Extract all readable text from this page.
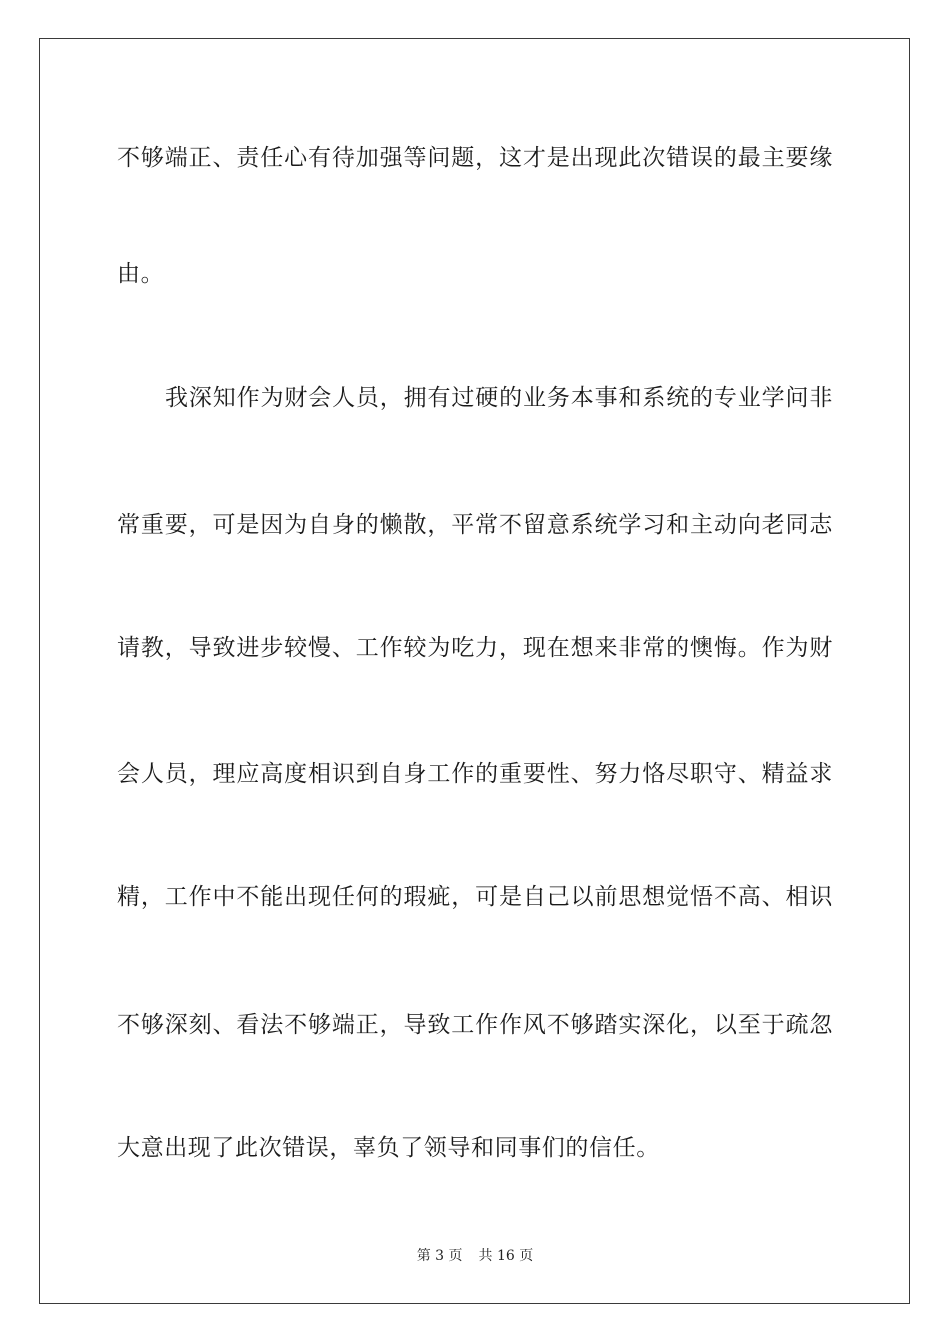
不够端正、责任心有待加强等问题，这才是出现此次错误的最主要缘
由。
我深知作为财会人员，拥有过硬的业务本事和系统的专业学问非
常重要，可是因为自身的懒散，平常不留意系统学习和主动向老同志
请教，导致进步较慢、工作较为吃力，现在想来非常的懊悔。作为财
会人员，理应高度相识到自身工作的重要性、努力恪尽职守、精益求
精，工作中不能出现任何的瑕疵，可是自己以前思想觉悟不高、相识
不够深刻、看法不够端正，导致工作作风不够踏实深化，以至于疏忽
大意出现了此次错误，辜负了领导和同事们的信任。
第 3 页 共 16 页
